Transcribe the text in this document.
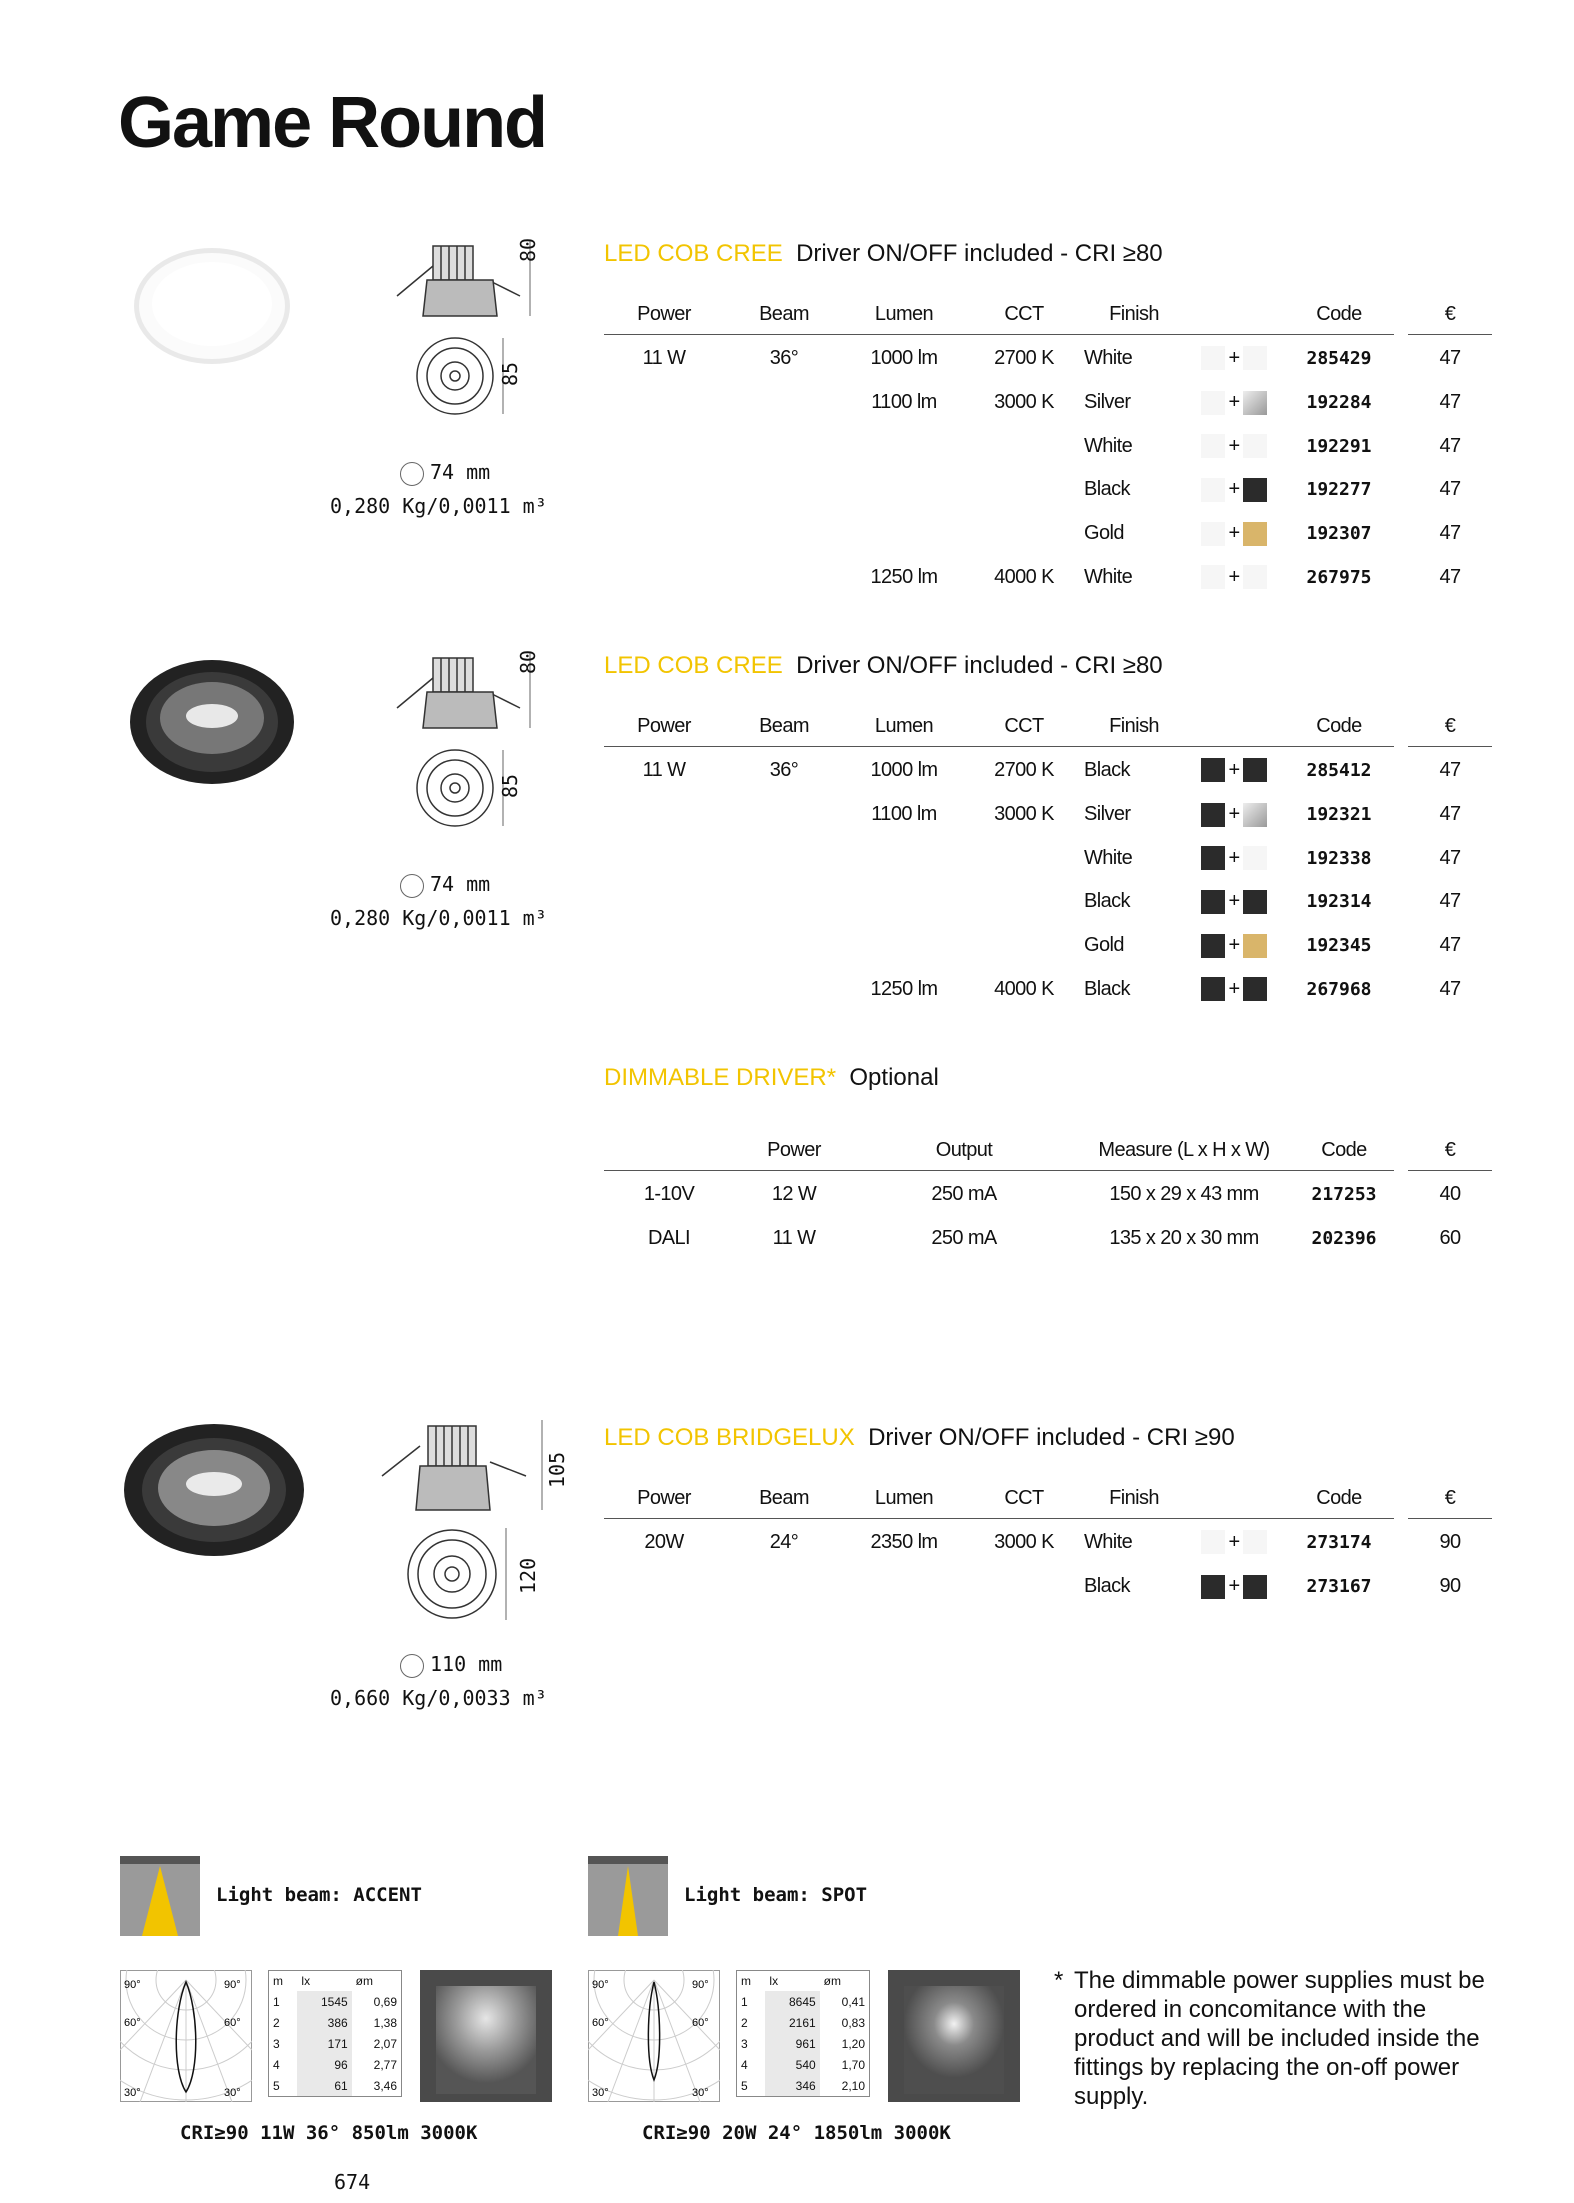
Game Round
80
85
74 mm
0,280 Kg/0,0011 m³
LED COB CREE Driver ON/OFF included - CRI ≥80
Power	Beam	Lumen	CCT	Finish		Code		€
11 W	36°	1000 lm	2700 K	White	+	285429		47
		1100 lm	3000 K	Silver	+	192284		47
				White	+	192291		47
				Black	+	192277		47
				Gold	+	192307		47
		1250 lm	4000 K	White	+	267975		47
80
85
74 mm
0,280 Kg/0,0011 m³
LED COB CREE Driver ON/OFF included - CRI ≥80
Power	Beam	Lumen	CCT	Finish		Code		€
11 W	36°	1000 lm	2700 K	Black	+	285412		47
		1100 lm	3000 K	Silver	+	192321		47
				White	+	192338		47
				Black	+	192314		47
				Gold	+	192345		47
		1250 lm	4000 K	Black	+	267968		47
DIMMABLE DRIVER* Optional
	Power	Output	Measure (L x H x W)	Code		€
1-10V	12 W	250 mA	150 x 29 x 43 mm	217253		40
DALI	11 W	250 mA	135 x 20 x 30 mm	202396		60
105
120
110 mm
0,660 Kg/0,0033 m³
LED COB BRIDGELUX Driver ON/OFF included - CRI ≥90
Power	Beam	Lumen	CCT	Finish		Code		€
20W	24°	2350 lm	3000 K	White	+	273174		90
				Black	+	273167		90
Light beam: ACCENT
90°	90°
60°	60°
30°	30°
m	lx	øm
1	1545	0,69
2	386	1,38
3	171	2,07
4	96	2,77
5	61	3,46
CRI≥90 11W 36° 850lm 3000K
Light beam: SPOT
90°	90°
60°	60°
30°	30°
m	lx	øm
1	8645	0,41
2	2161	0,83
3	961	1,20
4	540	1,70
5	346	2,10
CRI≥90 20W 24° 1850lm 3000K
* The dimmable power supplies must be ordered in concomitance with the product and will be included inside the fittings by replacing the on-off power supply.
674
